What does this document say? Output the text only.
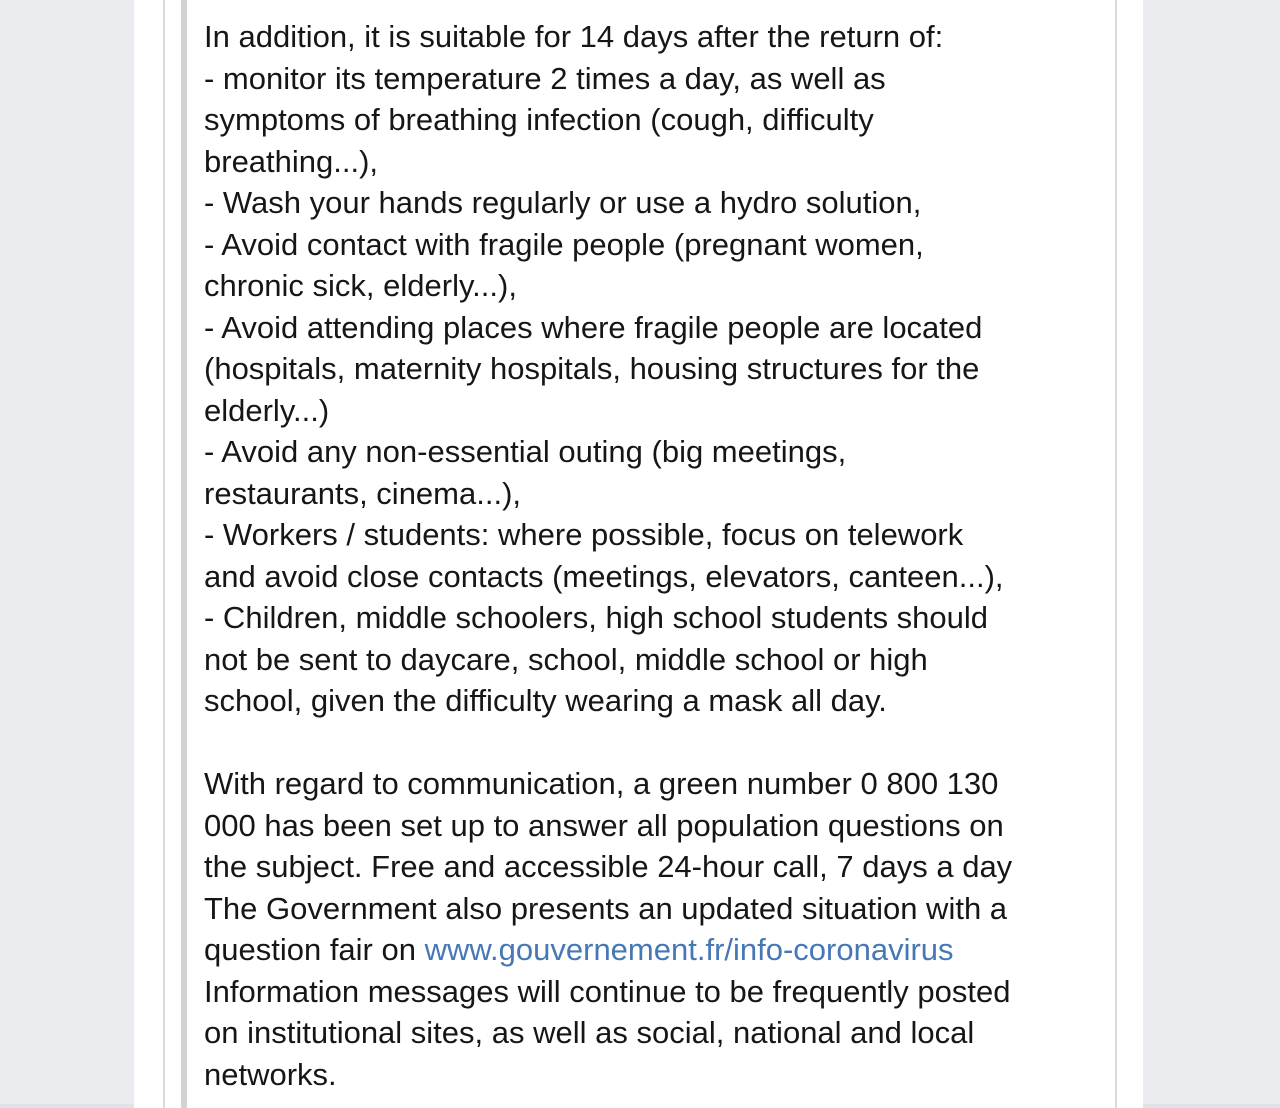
In addition, it is suitable for 14 days after the return of:
- monitor its temperature 2 times a day, as well as
symptoms of breathing infection (cough, difficulty
breathing...),
- Wash your hands regularly or use a hydro solution,
- Avoid contact with fragile people (pregnant women,
chronic sick, elderly...),
- Avoid attending places where fragile people are located
(hospitals, maternity hospitals, housing structures for the
elderly...)
- Avoid any non-essential outing (big meetings,
restaurants, cinema...),
- Workers / students: where possible, focus on telework
and avoid close contacts (meetings, elevators, canteen...),
- Children, middle schoolers, high school students should
not be sent to daycare, school, middle school or high
school, given the difficulty wearing a mask all day.

With regard to communication, a green number 0 800 130
000 has been set up to answer all population questions on
the subject. Free and accessible 24-hour call, 7 days a day
The Government also presents an updated situation with a
question fair on www.gouvernement.fr/info-coronavirus
Information messages will continue to be frequently posted
on institutional sites, as well as social, national and local
networks.
